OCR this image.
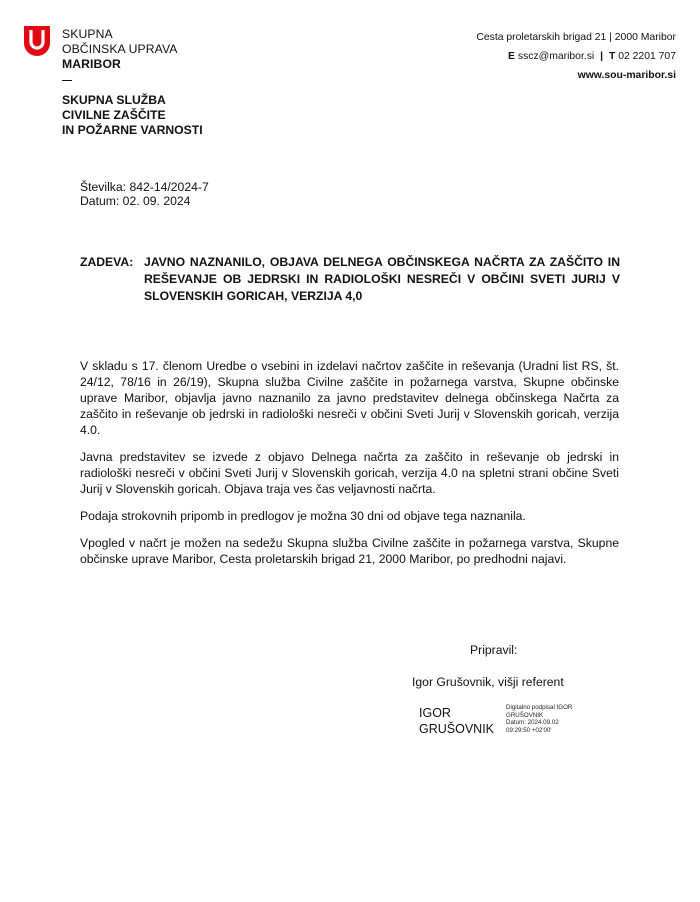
SKUPNA
OBČINSKA UPRAVA
MARIBOR
SKUPNA SLUŽBA
CIVILNE ZAŠČITE
IN POŽARNE VARNOSTI
Cesta proletarskih brigad 21 | 2000 Maribor
E sscz@maribor.si | T 02 2201 707
www.sou-maribor.si
Številka: 842-14/2024-7
Datum: 02. 09. 2024
ZADEVA: JAVNO NAZNANILO, OBJAVA DELNEGA OBČINSKEGA NAČRTA ZA ZAŠČITO IN REŠEVANJE OB JEDRSKI IN RADIOLOŠKI NESREČI V OBČINI SVETI JURIJ V SLOVENSKIH GORICAH, VERZIJA 4,0

V skladu s 17. členom Uredbe o vsebini in izdelavi načrtov zaščite in reševanja (Uradni list RS, št. 24/12, 78/16 in 26/19), Skupna služba Civilne zaščite in požarnega varstva, Skupne občinske uprave Maribor, objavlja javno naznanilo za javno predstavitev delnega občinskega Načrta za zaščito in reševanje ob jedrski in radiološki nesreči v občini Sveti Jurij v Slovenskih goricah, verzija 4.0.

Javna predstavitev se izvede z objavo Delnega načrta za zaščito in reševanje ob jedrski in radiološki nesreči v občini Sveti Jurij v Slovenskih goricah, verzija 4.0 na spletni strani občine Sveti Jurij v Slovenskih goricah. Objava traja ves čas veljavnosti načrta.

Podaja strokovnih pripomb in predlogov je možna 30 dni od objave tega naznanila.

Vpogled v načrt je možen na sedežu Skupna služba Civilne zaščite in požarnega varstva, Skupne občinske uprave Maribor, Cesta proletarskih brigad 21, 2000 Maribor, po predhodni najavi.

Pripravil:
Igor Grušovnik, višji referent
IGOR
GRUŠOVNIK
Digitalno podpisal IGOR
GRUŠOVNIK
Datum: 2024.09.02
09:29:50 +02'00'
